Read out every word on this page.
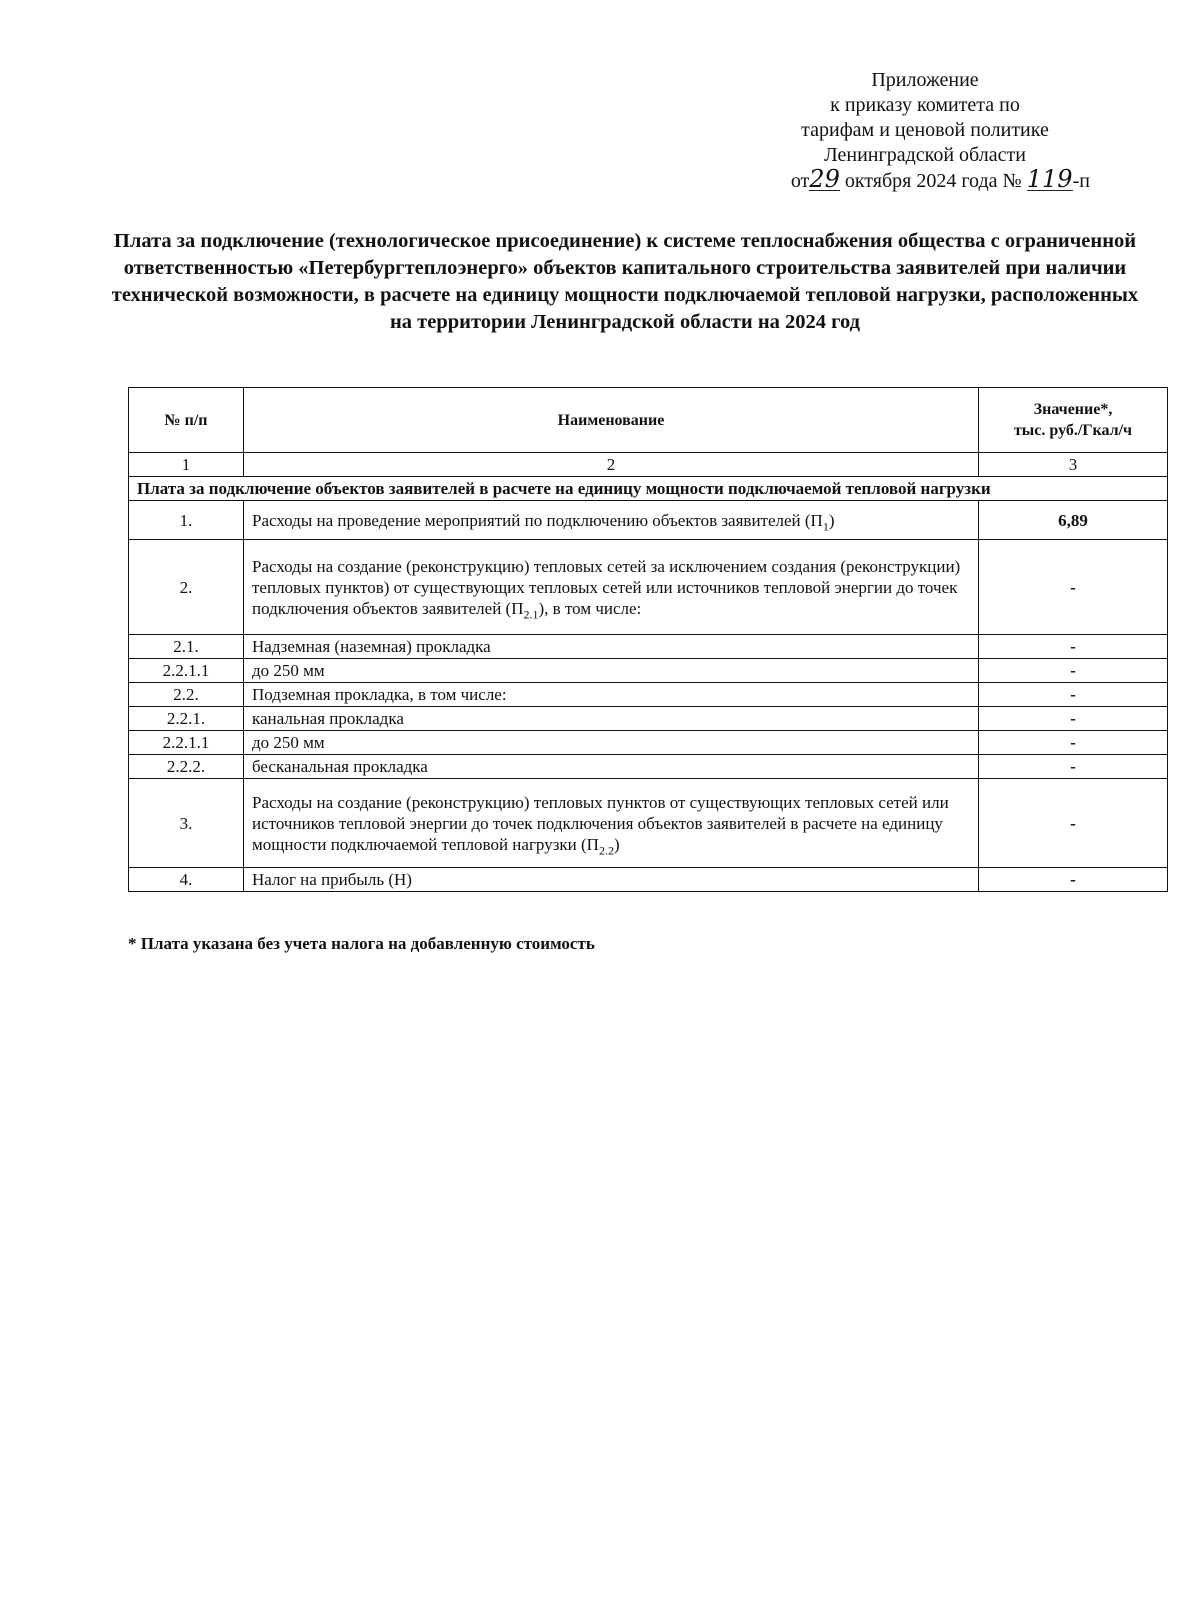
Приложение
к приказу комитета по
тарифам и ценовой политике
Ленинградской области
от29 октября 2024 года № 119-п
Плата за подключение (технологическое присоединение) к системе теплоснабжения общества с ограниченной ответственностью «Петербургтеплоэнерго» объектов капитального строительства заявителей при наличии технической возможности, в расчете на единицу мощности подключаемой тепловой нагрузки, расположенных на территории Ленинградской области на 2024 год
№ п/п	Наименование	Значение*,
тыс. руб./Гкал/ч
1	2	3
Плата за подключение объектов заявителей в расчете на единицу мощности подключаемой тепловой нагрузки		
1.	Расходы на проведение мероприятий по подключению объектов заявителей $(П_1)$	6,89
2.	Расходы на создание (реконструкцию) тепловых сетей за исключением создания (реконструкции) тепловых пунктов) от существующих тепловых сетей или источников тепловой энергии до точек подключения объектов заявителей $(П_{2.1})$, в том числе:	-
2.1.	Надземная (наземная) прокладка	-
2.2.1.1	до 250 мм	-
2.2.	Подземная прокладка, в том числе:	-
2.2.1.	канальная прокладка	-
2.2.1.1	до 250 мм	-
2.2.2.	бесканальная прокладка	-
3.	Расходы на создание (реконструкцию) тепловых пунктов от существующих тепловых сетей или источников тепловой энергии до точек подключения объектов заявителей в расчете на единицу мощности подключаемой тепловой нагрузки $(П_{2.2})$	-
4.	Налог на прибыль (Н)	-
* Плата указана без учета налога на добавленную стоимость
